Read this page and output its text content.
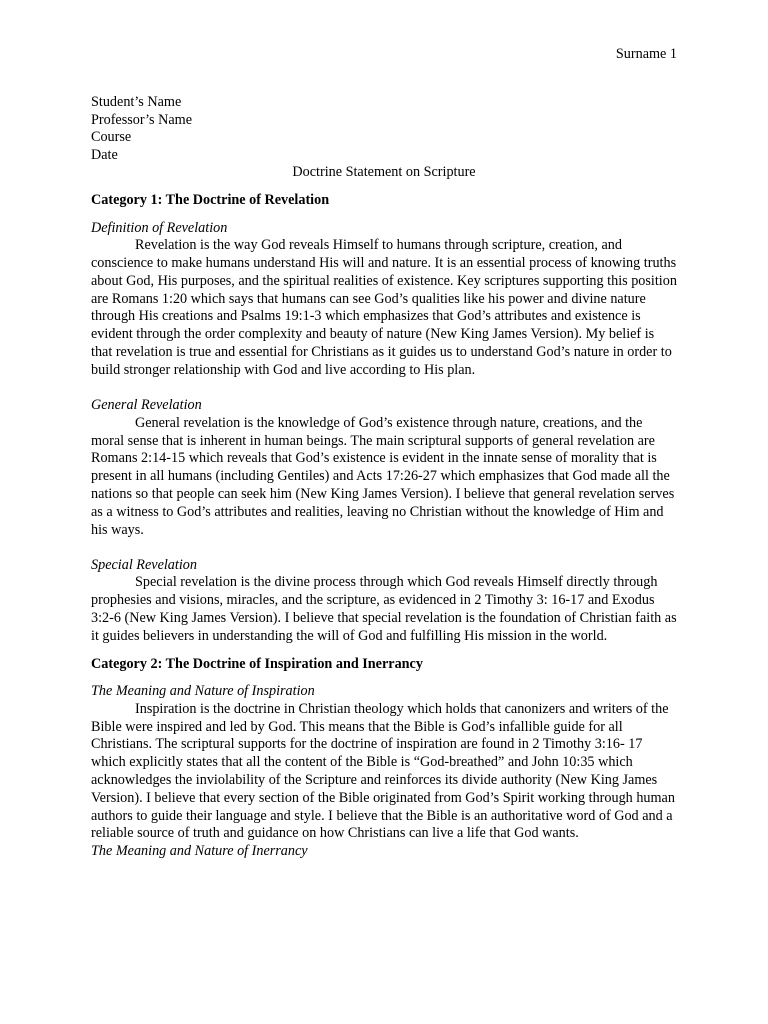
Surname 1
Student’s Name
Professor’s Name
Course
Date
Doctrine Statement on Scripture
Category 1: The Doctrine of Revelation
Definition of Revelation

Revelation is the way God reveals Himself to humans through scripture, creation, and conscience to make humans understand His will and nature. It is an essential process of knowing truths about God, His purposes, and the spiritual realities of existence. Key scriptures supporting this position are Romans 1:20 which says that humans can see God’s qualities like his power and divine nature through His creations and Psalms 19:1-3 which emphasizes that God’s attributes and existence is evident through the order complexity and beauty of nature (New King James Version). My belief is that revelation is true and essential for Christians as it guides us to understand God’s nature in order to build stronger relationship with God and live according to His plan.

General Revelation

General revelation is the knowledge of God’s existence through nature, creations, and the moral sense that is inherent in human beings. The main scriptural supports of general revelation are Romans 2:14-15 which reveals that God’s existence is evident in the innate sense of morality that is present in all humans (including Gentiles) and Acts 17:26-27 which emphasizes that God made all the nations so that people can seek him (New King James Version). I believe that general revelation serves as a witness to God’s attributes and realities, leaving no Christian without the knowledge of Him and his ways.

Special Revelation

Special revelation is the divine process through which God reveals Himself directly through prophesies and visions, miracles, and the scripture, as evidenced in 2 Timothy 3: 16-17 and Exodus 3:2-6 (New King James Version). I believe that special revelation is the foundation of Christian faith as it guides believers in understanding the will of God and fulfilling His mission in the world.

Category 2: The Doctrine of Inspiration and Inerrancy
The Meaning and Nature of Inspiration

Inspiration is the doctrine in Christian theology which holds that canonizers and writers of the Bible were inspired and led by God. This means that the Bible is God’s infallible guide for all Christians. The scriptural supports for the doctrine of inspiration are found in 2 Timothy 3:16- 17 which explicitly states that all the content of the Bible is “God-breathed” and John 10:35 which acknowledges the inviolability of the Scripture and reinforces its divide authority (New King James Version). I believe that every section of the Bible originated from God’s Spirit working through human authors to guide their language and style. I believe that the Bible is an authoritative word of God and a reliable source of truth and guidance on how Christians can live a life that God wants.

The Meaning and Nature of Inerrancy
